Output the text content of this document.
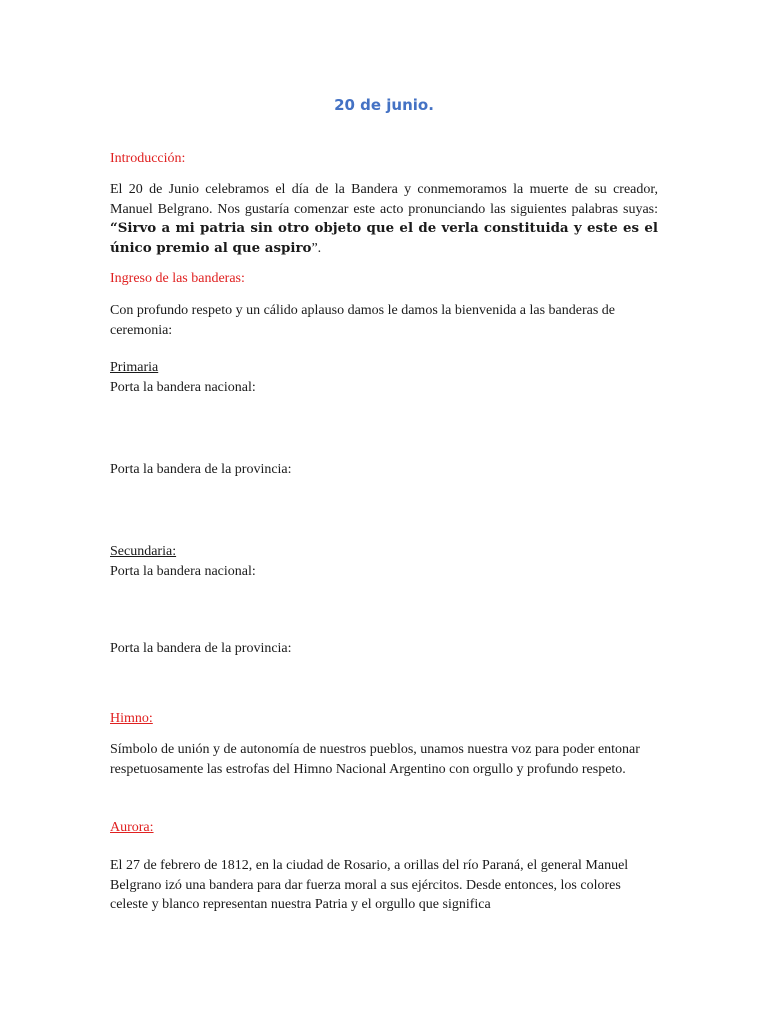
20 de junio.

Introducción:

El 20 de Junio celebramos el día de la Bandera y conmemoramos la muerte de su creador, Manuel Belgrano. Nos gustaría comenzar este acto pronunciando las siguientes palabras suyas: “Sirvo a mi patria sin otro objeto que el de verla constituida y este es el único premio al que aspiro”.

Ingreso de las banderas:

Con profundo respeto y un cálido aplauso damos le damos la bienvenida a las banderas de ceremonia:

Primaria

Porta la bandera nacional:

Porta la bandera de la provincia:

Secundaria:

Porta la bandera nacional:

Porta la bandera de la provincia:

Himno:

Símbolo de unión y de autonomía de nuestros pueblos, unamos nuestra voz para poder entonar respetuosamente las estrofas del Himno Nacional Argentino con orgullo y profundo respeto.

Aurora:

El 27 de febrero de 1812, en la ciudad de Rosario, a orillas del río Paraná, el general Manuel Belgrano izó una bandera para dar fuerza moral a sus ejércitos. Desde entonces, los colores celeste y blanco representan nuestra Patria y el orgullo que significa
